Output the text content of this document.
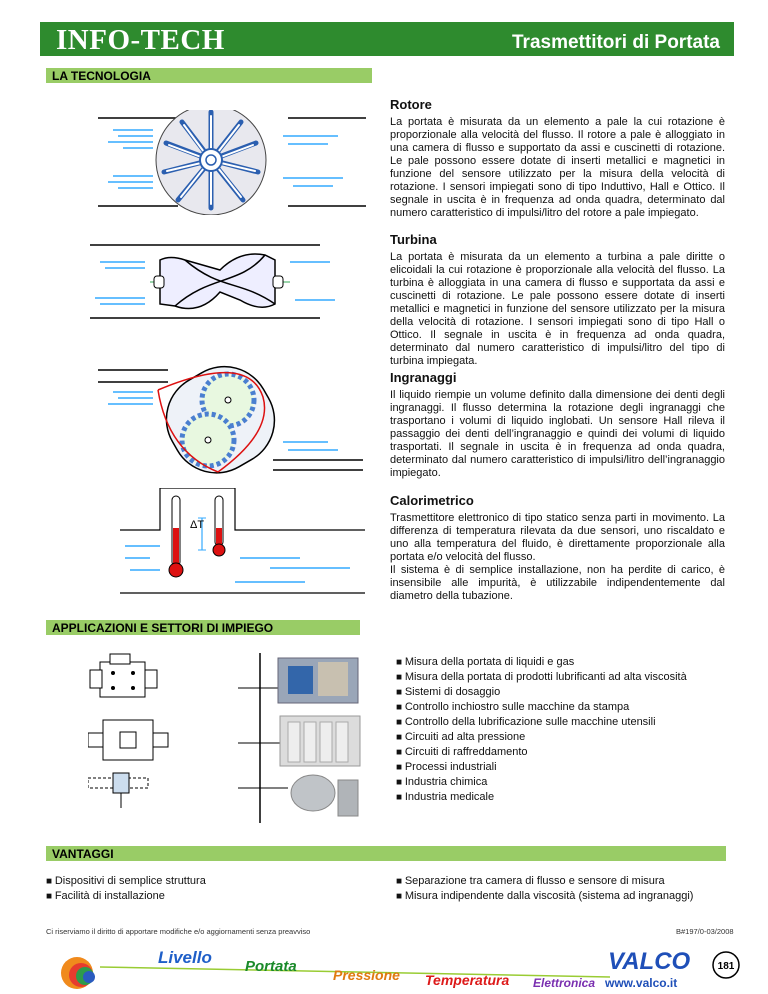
INFO-TECH	Trasmettitori di Portata
LA TECNOLOGIA
Rotore

La portata è misurata da un elemento a pale la cui rotazione è proporzionale alla velocità del flusso. Il rotore a pale è alloggiato in una camera di flusso e supportato da assi e cuscinetti di rotazione. Le pale possono essere dotate di inserti metallici e magnetici in funzione del sensore utilizzato per la misura della velocità di rotazione. I sensori impiegati sono di tipo Induttivo, Hall e Ottico. Il segnale in uscita è in frequenza ad onda quadra, determinato dal numero caratteristico di impulsi/litro del rotore a pale impiegato.

Turbina

La portata è misurata da un elemento a turbina a pale diritte o elicoidali la cui rotazione è proporzionale alla velocità del flusso. La turbina è alloggiata in una camera di flusso e supportata da assi e cuscinetti di rotazione. Le pale possono essere dotate di inserti metallici e magnetici in funzione del sensore utilizzato per la misura della velocità di rotazione. I sensori impiegati sono di tipo Hall o Ottico. Il segnale in uscita è in frequenza ad onda quadra, determinato dal numero caratteristico di impulsi/litro del tipo di turbina impiegata.

Ingranaggi

Il liquido riempie un volume definito dalla dimensione dei denti degli ingranaggi. Il flusso determina la rotazione degli ingranaggi che trasportano i volumi di liquido inglobati. Un sensore Hall rileva il passaggio dei denti dell’ingranaggio e quindi dei volumi di liquido trasportati. Il segnale in uscita è in frequenza ad onda quadra, determinato dal numero caratteristico di impulsi/litro dell’ingranaggio impiegato.

ΔT
Calorimetrico

Trasmettitore elettronico di tipo statico senza parti in movimento. La differenza di temperatura rilevata da due sensori, uno riscaldato e uno alla temperatura del fluido, è direttamente proporzionale alla portata e/o velocità del flusso.

Il sistema è di semplice installazione, non ha perdite di carico, è insensibile alle impurità, è utilizzabile indipendentemente dal diametro della tubazione.

APPLICAZIONI E SETTORI DI IMPIEGO
■ Misura della portata di liquidi e gas
■ Misura della portata di prodotti lubrificanti ad alta viscosità
■ Sistemi di dosaggio
■ Controllo inchiostro sulle macchine da stampa
■ Controllo della lubrificazione sulle macchine utensili
■ Circuiti ad alta pressione
■ Circuiti di raffreddamento
■ Processi industriali
■ Industria chimica
■ Industria medicale
VANTAGGI
■ Dispositivi di semplice struttura
■ Facilità di installazione
■ Separazione tra camera di flusso e sensore di misura
■ Misura indipendente dalla viscosità (sistema ad ingranaggi)
Ci riserviamo il diritto di apportare modifiche e/o aggiornamenti senza preavviso	B#197/0-03/2008
Livello Portata	Pressione Temperatura Elettronica
VALCO
www.valco.it
181
